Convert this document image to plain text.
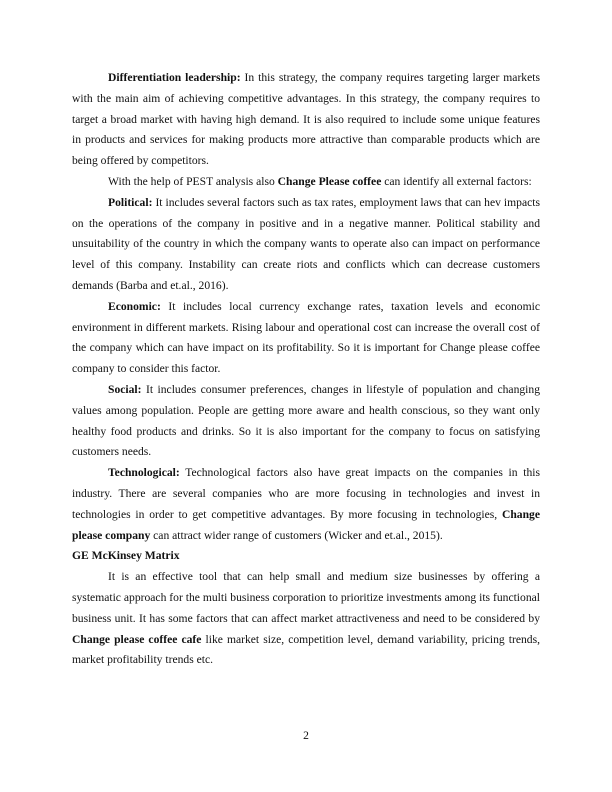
Differentiation leadership: In this strategy, the company requires targeting larger markets with the main aim of achieving competitive advantages. In this strategy, the company requires to target a broad market with having high demand. It is also required to include some unique features in products and services for making products more attractive than comparable products which are being offered by competitors.

With the help of PEST analysis also Change Please coffee can identify all external factors:

Political: It includes several factors such as tax rates, employment laws that can hev impacts on the operations of the company in positive and in a negative manner. Political stability and unsuitability of the country in which the company wants to operate also can impact on performance level of this company. Instability can create riots and conflicts which can decrease customers demands (Barba and et.al., 2016).

Economic: It includes local currency exchange rates, taxation levels and economic environment in different markets. Rising labour and operational cost can increase the overall cost of the company which can have impact on its profitability. So it is important for Change please coffee company to consider this factor.

Social: It includes consumer preferences, changes in lifestyle of population and changing values among population. People are getting more aware and health conscious, so they want only healthy food products and drinks. So it is also important for the company to focus on satisfying customers needs.

Technological: Technological factors also have great impacts on the companies in this industry. There are several companies who are more focusing in technologies and invest in technologies in order to get competitive advantages. By more focusing in technologies, Change please company can attract wider range of customers (Wicker and et.al., 2015).

GE McKinsey Matrix

It is an effective tool that can help small and medium size businesses by offering a systematic approach for the multi business corporation to prioritize investments among its functional business unit. It has some factors that can affect market attractiveness and need to be considered by Change please coffee cafe like market size, competition level, demand variability, pricing trends, market profitability trends etc.

2
